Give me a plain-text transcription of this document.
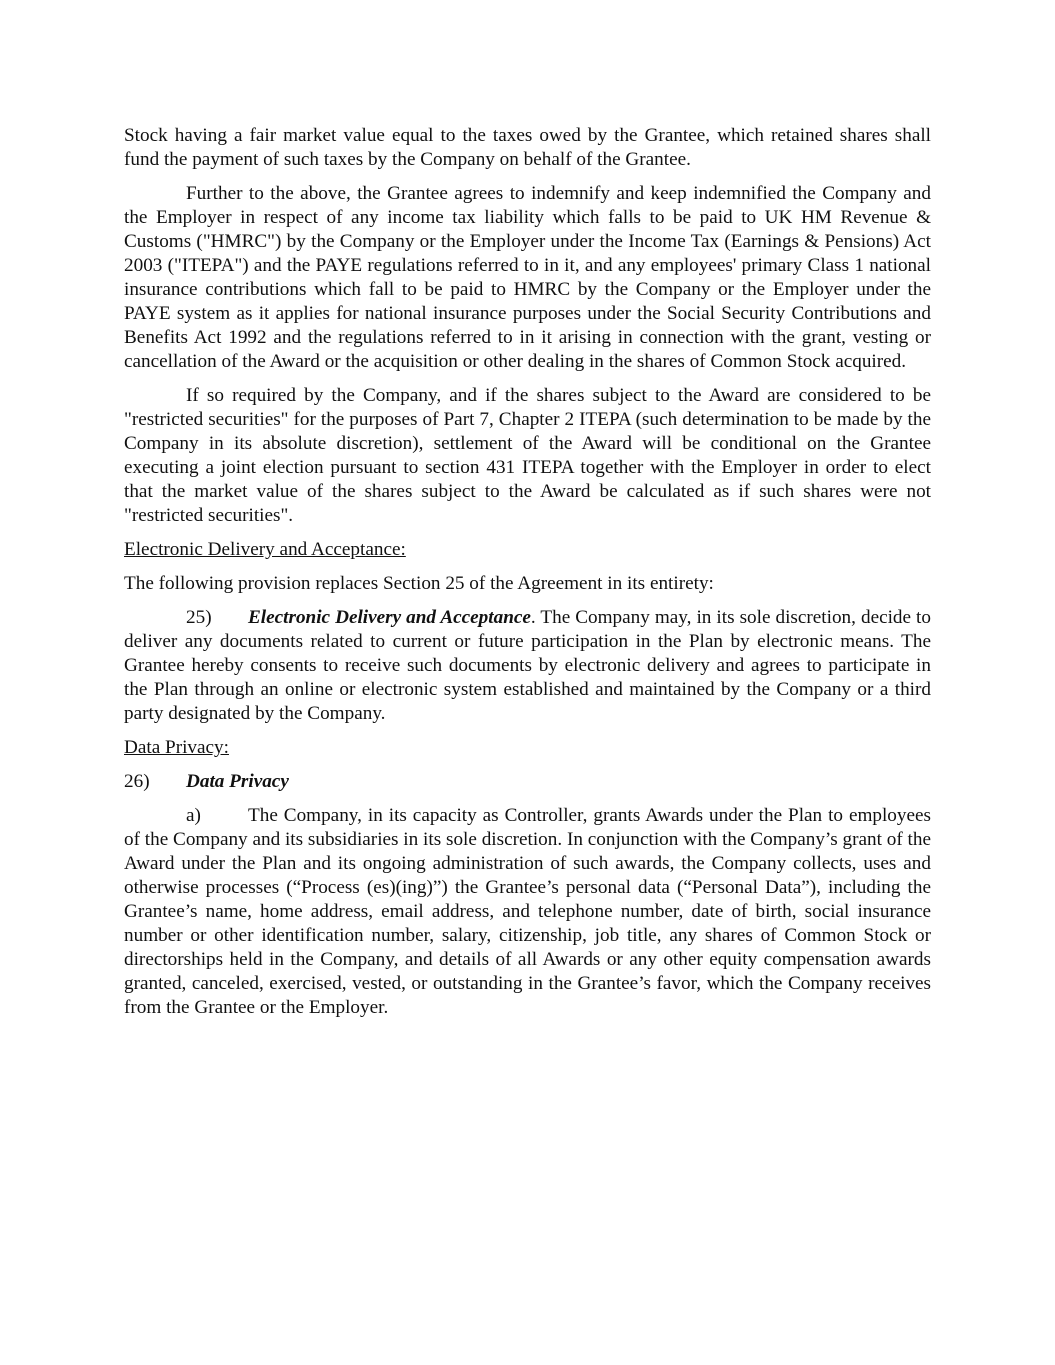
Stock having a fair market value equal to the taxes owed by the Grantee, which retained shares shall fund the payment of such taxes by the Company on behalf of the Grantee.

Further to the above, the Grantee agrees to indemnify and keep indemnified the Company and the Employer in respect of any income tax liability which falls to be paid to UK HM Revenue & Customs ("HMRC") by the Company or the Employer under the Income Tax (Earnings & Pensions) Act 2003 ("ITEPA") and the PAYE regulations referred to in it, and any employees' primary Class 1 national insurance contributions which fall to be paid to HMRC by the Company or the Employer under the PAYE system as it applies for national insurance purposes under the Social Security Contributions and Benefits Act 1992 and the regulations referred to in it arising in connection with the grant, vesting or cancellation of the Award or the acquisition or other dealing in the shares of Common Stock acquired.

If so required by the Company, and if the shares subject to the Award are considered to be "restricted securities" for the purposes of Part 7, Chapter 2 ITEPA (such determination to be made by the Company in its absolute discretion), settlement of the Award will be conditional on the Grantee executing a joint election pursuant to section 431 ITEPA together with the Employer in order to elect that the market value of the shares subject to the Award be calculated as if such shares were not "restricted securities".

Electronic Delivery and Acceptance:

The following provision replaces Section 25 of the Agreement in its entirety:

25) Electronic Delivery and Acceptance. The Company may, in its sole discretion, decide to deliver any documents related to current or future participation in the Plan by electronic means. The Grantee hereby consents to receive such documents by electronic delivery and agrees to participate in the Plan through an online or electronic system established and maintained by the Company or a third party designated by the Company.

Data Privacy:

26) Data Privacy

a) The Company, in its capacity as Controller, grants Awards under the Plan to employees of the Company and its subsidiaries in its sole discretion. In conjunction with the Company’s grant of the Award under the Plan and its ongoing administration of such awards, the Company collects, uses and otherwise processes (“Process (es)(ing)”) the Grantee’s personal data (“Personal Data”), including the Grantee’s name, home address, email address, and telephone number, date of birth, social insurance number or other identification number, salary, citizenship, job title, any shares of Common Stock or directorships held in the Company, and details of all Awards or any other equity compensation awards granted, canceled, exercised, vested, or outstanding in the Grantee’s favor, which the Company receives from the Grantee or the Employer.
